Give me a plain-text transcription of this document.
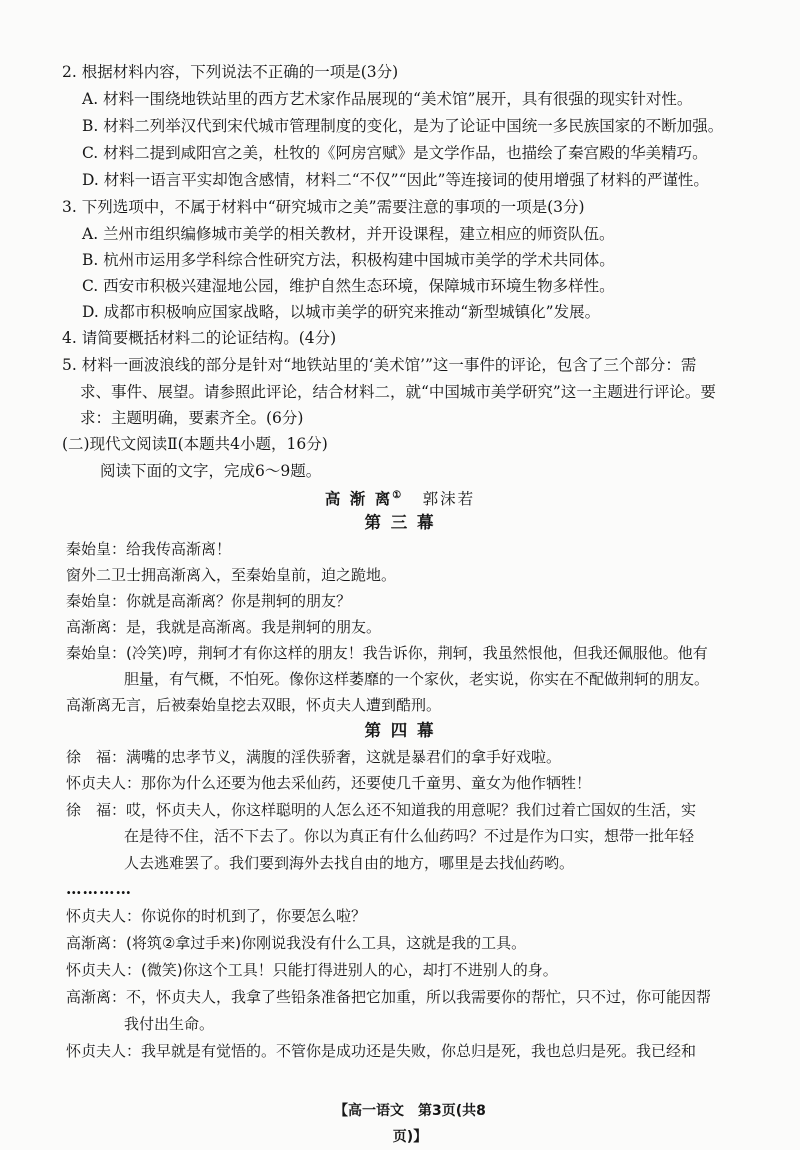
2. 根据材料内容，下列说法不正确的一项是(3分)
A. 材料一围绕地铁站里的西方艺术家作品展现的“美术馆”展开，具有很强的现实针对性。
B. 材料二列举汉代到宋代城市管理制度的变化，是为了论证中国统一多民族国家的不断加强。
C. 材料二提到咸阳宫之美，杜牧的《阿房宫赋》是文学作品，也描绘了秦宫殿的华美精巧。
D. 材料一语言平实却饱含感情，材料二“不仅”“因此”等连接词的使用增强了材料的严谨性。
3. 下列选项中，不属于材料中“研究城市之美”需要注意的事项的一项是(3分)
A. 兰州市组织编修城市美学的相关教材，并开设课程，建立相应的师资队伍。
B. 杭州市运用多学科综合性研究方法，积极构建中国城市美学的学术共同体。
C. 西安市积极兴建湿地公园，维护自然生态环境，保障城市环境生物多样性。
D. 成都市积极响应国家战略，以城市美学的研究来推动“新型城镇化”发展。
4. 请简要概括材料二的论证结构。(4分)
5. 材料一画波浪线的部分是针对“地铁站里的‘美术馆’”这一事件的评论，包含了三个部分：需
求、事件、展望。请参照此评论，结合材料二，就“中国城市美学研究”这一主题进行评论。要
求：主题明确，要素齐全。(6分)
(二)现代文阅读Ⅱ(本题共4小题，16分)
阅读下面的文字，完成6～9题。
高 渐 离① 郭沫若
第 三 幕
秦始皇：给我传高渐离！
窗外二卫士拥高渐离入，至秦始皇前，迫之跪地。
秦始皇：你就是高渐离？你是荆轲的朋友？
高渐离：是，我就是高渐离。我是荆轲的朋友。
秦始皇：(冷笑)哼，荆轲才有你这样的朋友！我告诉你，荆轲，我虽然恨他，但我还佩服他。他有
胆量，有气概，不怕死。像你这样萎靡的一个家伙，老实说，你实在不配做荆轲的朋友。
高渐离无言，后被秦始皇挖去双眼，怀贞夫人遭到酷刑。
第 四 幕
徐　福：满嘴的忠孝节义，满腹的淫佚骄奢，这就是暴君们的拿手好戏啦。
怀贞夫人：那你为什么还要为他去采仙药，还要使几千童男、童女为他作牺牲！
徐　福：哎，怀贞夫人，你这样聪明的人怎么还不知道我的用意呢？我们过着亡国奴的生活，实
在是待不住，活不下去了。你以为真正有什么仙药吗？不过是作为口实，想带一批年轻
人去逃难罢了。我们要到海外去找自由的地方，哪里是去找仙药哟。
…………
怀贞夫人：你说你的时机到了，你要怎么啦？
高渐离：(将筑②拿过手来)你刚说我没有什么工具，这就是我的工具。
怀贞夫人：(微笑)你这个工具！只能打得进别人的心，却打不进别人的身。
高渐离：不，怀贞夫人，我拿了些铅条准备把它加重，所以我需要你的帮忙，只不过，你可能因帮
我付出生命。
怀贞夫人：我早就是有觉悟的。不管你是成功还是失败，你总归是死，我也总归是死。我已经和
【高一语文　第3页(共8页)】
